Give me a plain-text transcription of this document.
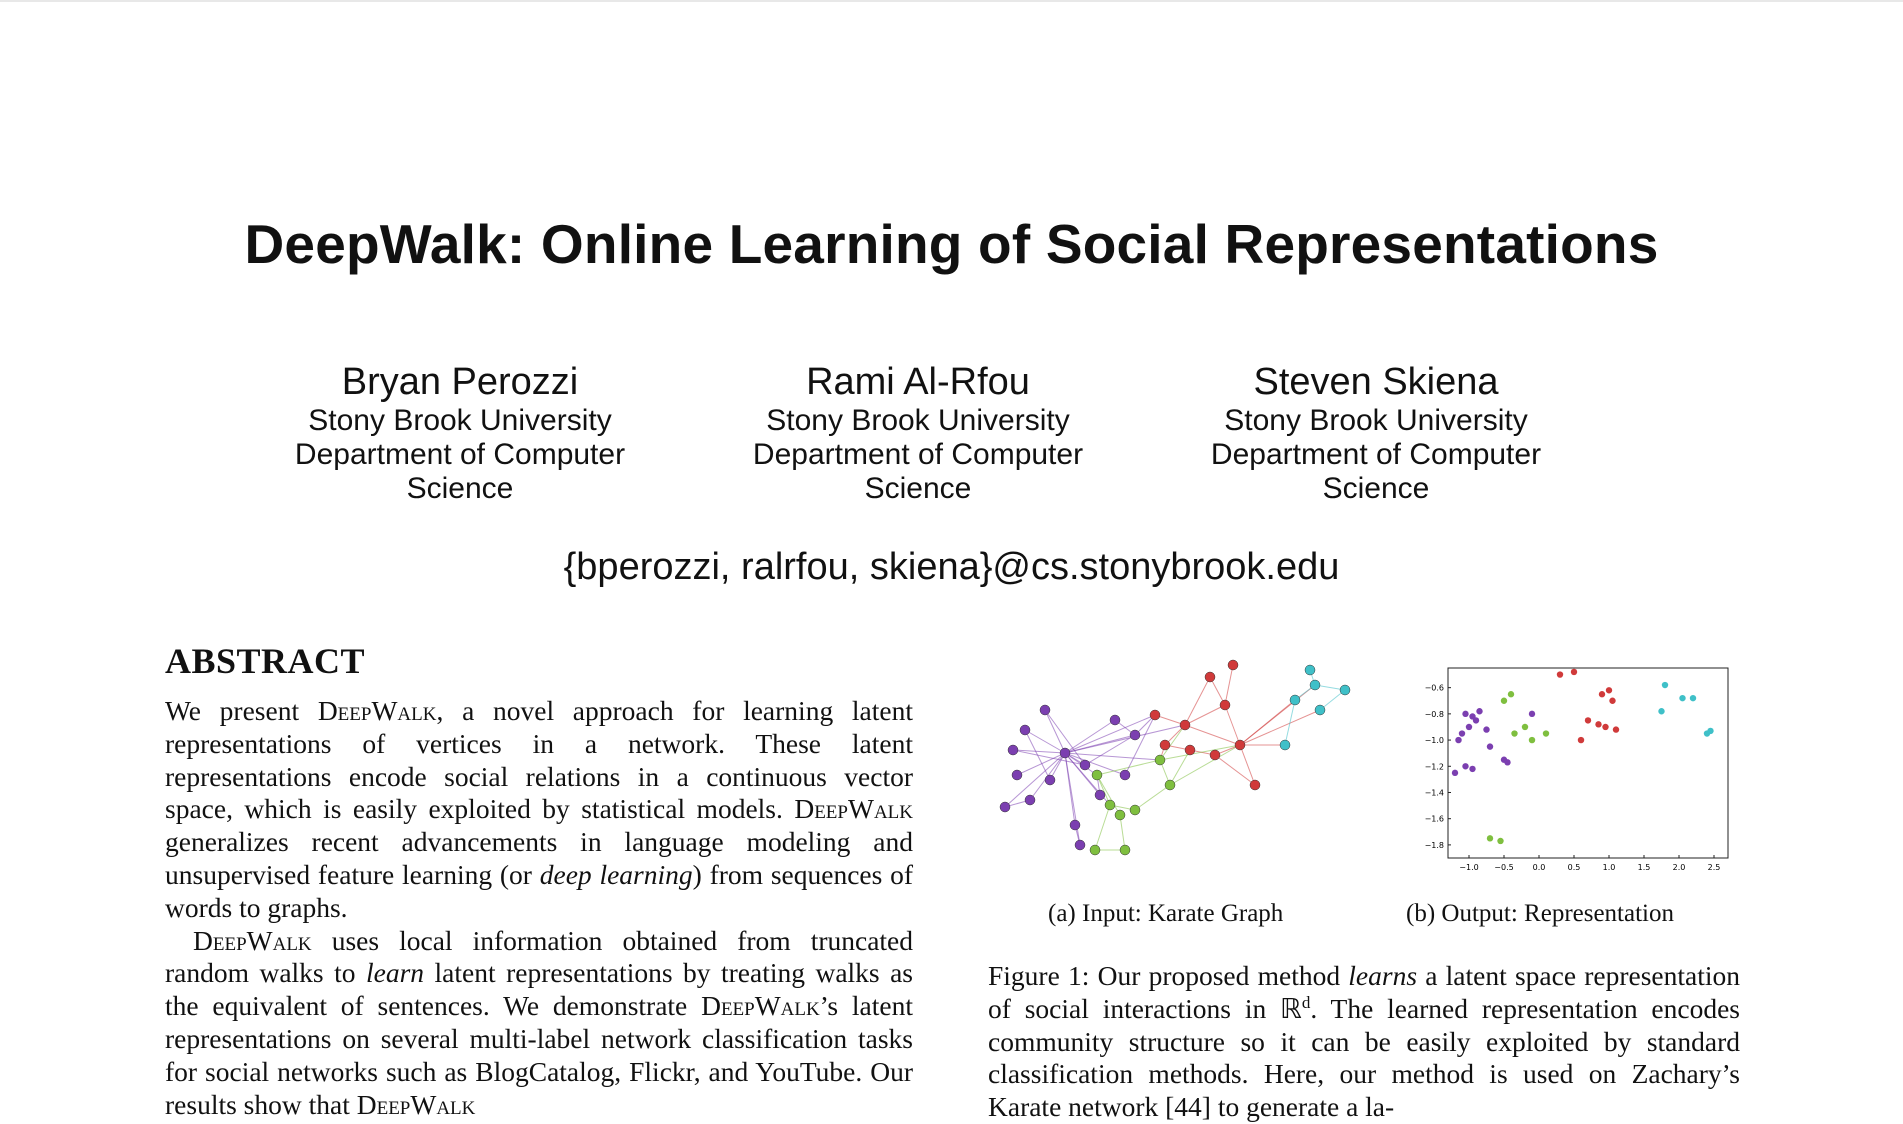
DeepWalk: Online Learning of Social Representations
Bryan Perozzi
Stony Brook University
Department of Computer
Science
Rami Al-Rfou
Stony Brook University
Department of Computer
Science
Steven Skiena
Stony Brook University
Department of Computer
Science
{bperozzi, ralrfou, skiena}@cs.stonybrook.edu
ABSTRACT

We present DeepWalk, a novel approach for learning latent representations of vertices in a network. These latent representations encode social relations in a continuous vector space, which is easily exploited by statistical models. DeepWalk generalizes recent advancements in language modeling and unsupervised feature learning (or deep learning) from sequences of words to graphs.

DeepWalk uses local information obtained from truncated random walks to learn latent representations by treating walks as the equivalent of sentences. We demonstrate DeepWalk’s latent representations on several multi-label network classification tasks for social networks such as BlogCatalog, Flickr, and YouTube. Our results show that DeepWalk

−0.6
−0.8
−1.0
−1.2
−1.4
−1.6
−1.8
−1.0 −0.5 0.0	0.5	1.0	1.5	2.0	2.5
(a) Input: Karate Graph	(b) Output: Representation
Figure 1: Our proposed method learns a latent space representation of social interactions in ℝ$^d$. The learned representation encodes community structure so it can be easily exploited by standard classification methods. Here, our method is used on Zachary’s Karate network [44] to generate a la-
